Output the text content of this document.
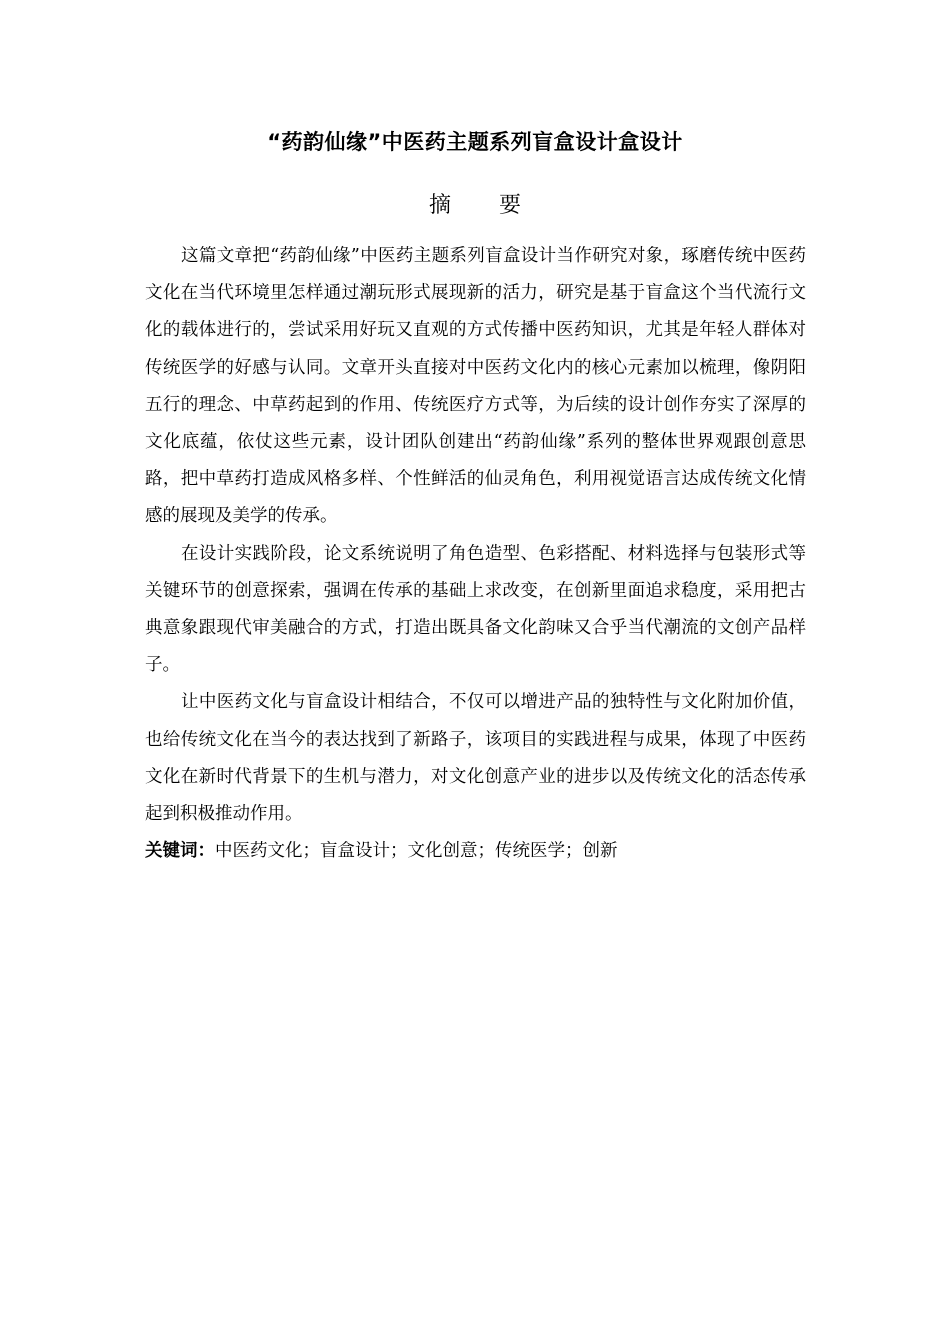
“药韵仙缘”中医药主题系列盲盒设计盒设计
摘要

这篇文章把“药韵仙缘”中医药主题系列盲盒设计当作研究对象，琢磨传统中医药文化在当代环境里怎样通过潮玩形式展现新的活力，研究是基于盲盒这个当代流行文化的载体进行的，尝试采用好玩又直观的方式传播中医药知识，尤其是年轻人群体对传统医学的好感与认同。文章开头直接对中医药文化内的核心元素加以梳理，像阴阳五行的理念、中草药起到的作用、传统医疗方式等，为后续的设计创作夯实了深厚的文化底蕴，依仗这些元素，设计团队创建出“药韵仙缘”系列的整体世界观跟创意思路，把中草药打造成风格多样、个性鲜活的仙灵角色，利用视觉语言达成传统文化情感的展现及美学的传承。

在设计实践阶段，论文系统说明了角色造型、色彩搭配、材料选择与包装形式等关键环节的创意探索，强调在传承的基础上求改变，在创新里面追求稳度，采用把古典意象跟现代审美融合的方式，打造出既具备文化韵味又合乎当代潮流的文创产品样子。

让中医药文化与盲盒设计相结合，不仅可以增进产品的独特性与文化附加价值，也给传统文化在当今的表达找到了新路子，该项目的实践进程与成果，体现了中医药文化在新时代背景下的生机与潜力，对文化创意产业的进步以及传统文化的活态传承起到积极推动作用。

关键词：中医药文化；盲盒设计；文化创意；传统医学；创新
